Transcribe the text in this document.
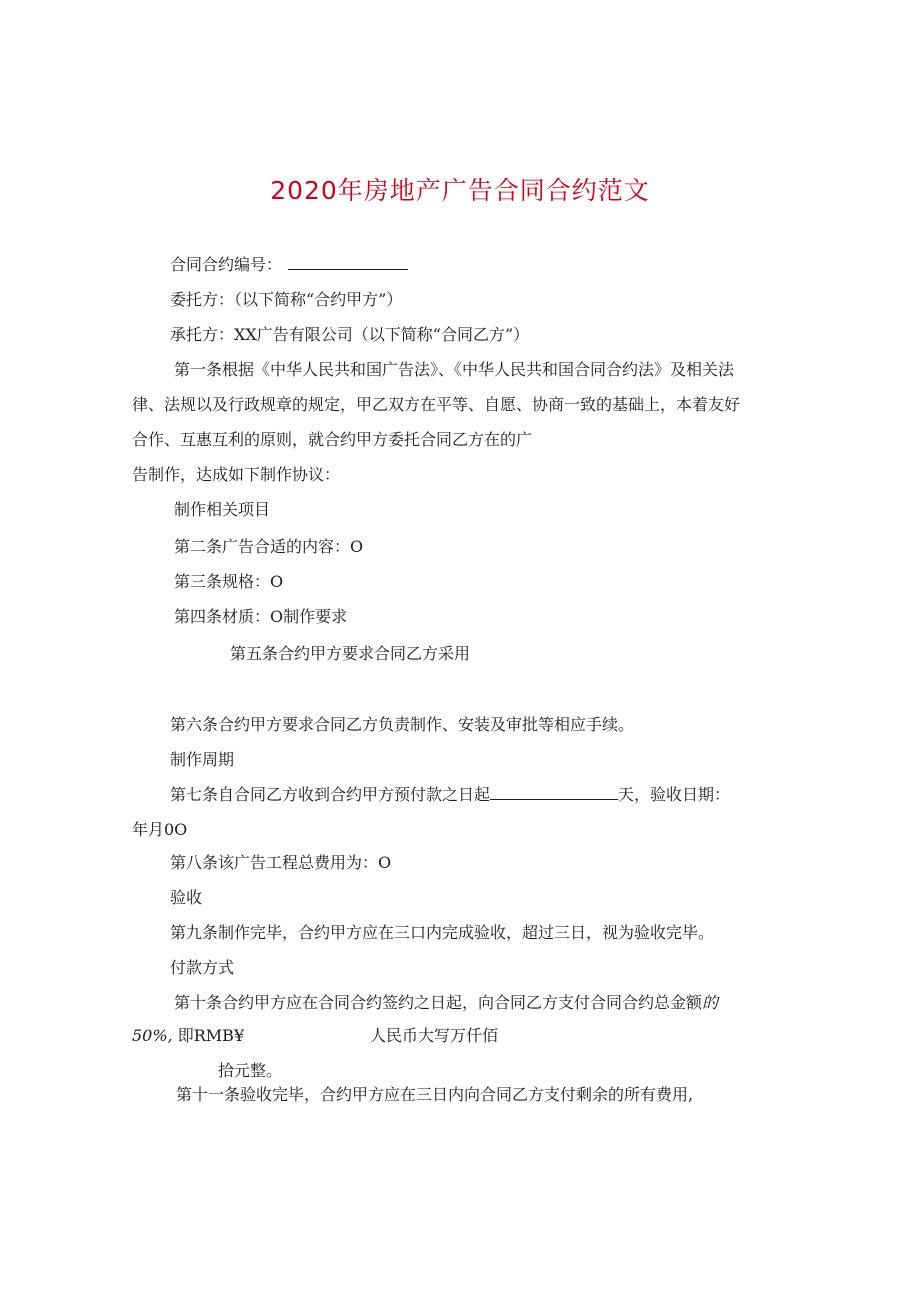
2020年房地产广告合同合约范文
合同合约编号：
委托方：（以下简称“合约甲方”）
承托方：XX广告有限公司（以下简称“合同乙方”）
第一条根据《中华人民共和国广告法》、《中华人民共和国合同合约法》及相关法
律、法规以及行政规章的规定，甲乙双方在平等、自愿、协商一致的基础上，本着友好
合作、互惠互利的原则，就合约甲方委托合同乙方在的广
告制作，达成如下制作协议：
制作相关项目
第二条广告合适的内容：O
第三条规格：O
第四条材质：O制作要求
第五条合约甲方要求合同乙方采用
第六条合约甲方要求合同乙方负责制作、安装及审批等相应手续。
制作周期
第七条自合同乙方收到合约甲方预付款之日起	天，验收日期：
年月0O
第八条该广告工程总费用为：O
验收
第九条制作完毕，合约甲方应在三口内完成验收，超过三日，视为验收完毕。
付款方式
第十条合约甲方应在合同合约签约之日起，向合同乙方支付合同合约总金额的
50%, 即RMB¥	人民币大写万仟佰
拾元整。
第十一条验收完毕，合约甲方应在三日内向合同乙方支付剩余的所有费用,
